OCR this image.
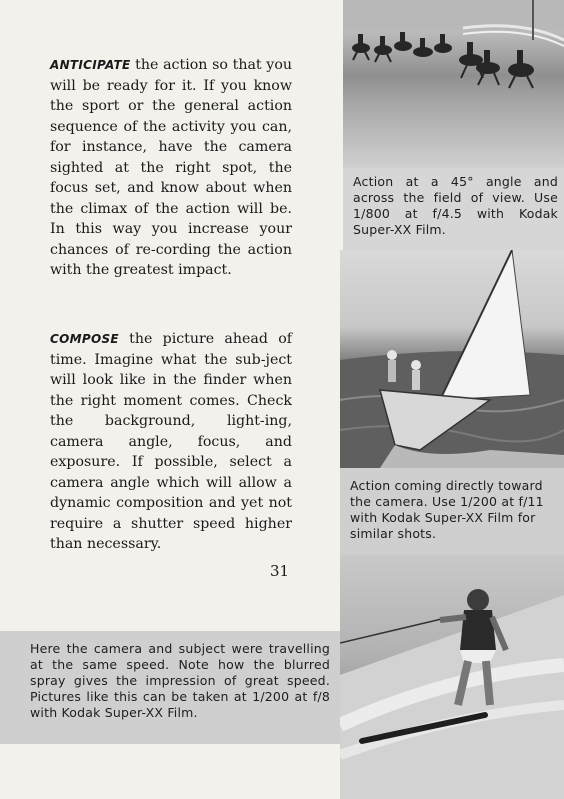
Action at a 45° angle and across the field of view. Use 1/800 at f/4.5 with Kodak Super-XX Film.

Action coming directly toward the camera. Use 1/200 at f/11 with Kodak Super-XX Film for similar shots.

Here the camera and subject were travelling at the same speed. Note how the blurred spray gives the impression of great speed. Pictures like this can be taken at 1/200 at f/8 with Kodak Super-XX Film.

ANTICIPATE the action so that you will be ready for it. If you know the sport or the general action sequence of the activity you can, for instance, have the camera sighted at the right spot, the focus set, and know about when the climax of the action will be. In this way you increase your chances of re-cording the action with the greatest impact.

COMPOSE the picture ahead of time. Imagine what the sub-ject will look like in the finder when the right moment comes. Check the background, light-ing, camera angle, focus, and exposure. If possible, select a camera angle which will allow a dynamic composition and yet not require a shutter speed higher than necessary.

31
